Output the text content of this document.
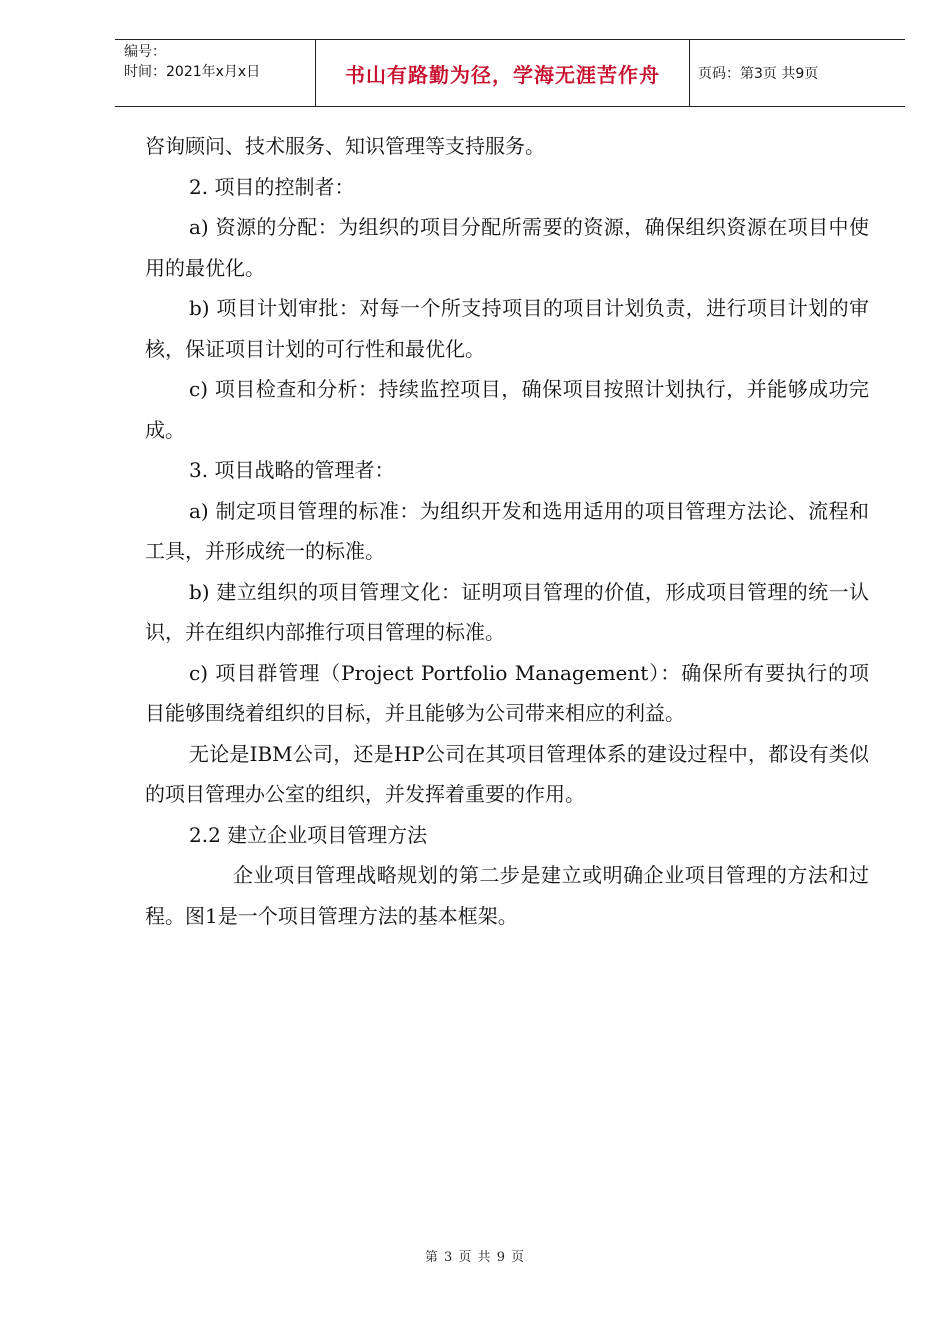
编号：
时间：2021年x月x日	书山有路勤为径，学海无涯苦作舟	页码：第3页 共9页

咨询顾问、技术服务、知识管理等支持服务。

2. 项目的控制者：

a) 资源的分配：为组织的项目分配所需要的资源，确保组织资源在项目中使用的最优化。

b) 项目计划审批：对每一个所支持项目的项目计划负责，进行项目计划的审核，保证项目计划的可行性和最优化。

c) 项目检查和分析：持续监控项目，确保项目按照计划执行，并能够成功完成。

3. 项目战略的管理者：

a) 制定项目管理的标准：为组织开发和选用适用的项目管理方法论、流程和工具，并形成统一的标准。

b) 建立组织的项目管理文化：证明项目管理的价值，形成项目管理的统一认识，并在组织内部推行项目管理的标准。

c) 项目群管理（Project Portfolio Management）：确保所有要执行的项目能够围绕着组织的目标，并且能够为公司带来相应的利益。

无论是IBM公司，还是HP公司在其项目管理体系的建设过程中，都设有类似的项目管理办公室的组织，并发挥着重要的作用。

2.2 建立企业项目管理方法

企业项目管理战略规划的第二步是建立或明确企业项目管理的方法和过程。图1是一个项目管理方法的基本框架。

第 3 页 共 9 页
